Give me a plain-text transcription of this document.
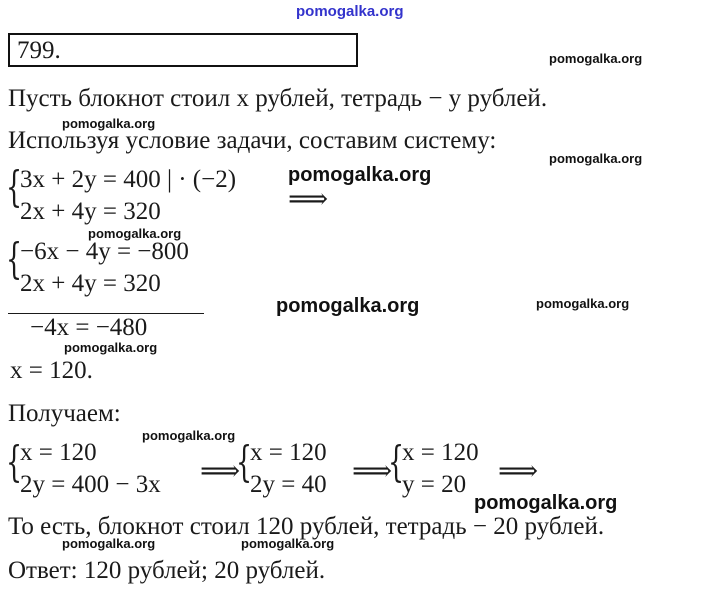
pomogalka.org
799.	pomogalka.org
Пусть блокнот стоил x рублей, тетрадь − y рублей.
pomogalka.org
Используя условие задачи, составим систему:
pomogalka.org
{
3x + 2y = 400 | · (−2)
2x + 4y = 320	⟹
pomogalka.org
pomogalka.org
{
−6x − 4y = −800
2x + 4y = 320
pomogalka.org	pomogalka.org
−4x = −480
pomogalka.org
x = 120.
Получаем:
pomogalka.org
{
x = 120
2y = 400 − 3x ⟹
{
x = 120
2y = 40 ⟹
{
x = 120
y = 20 ⟹
pomogalka.org
То есть, блокнот стоил 120 рублей, тетрадь − 20 рублей.
pomogalka.org	pomogalka.org
Ответ: 120 рублей; 20 рублей.
